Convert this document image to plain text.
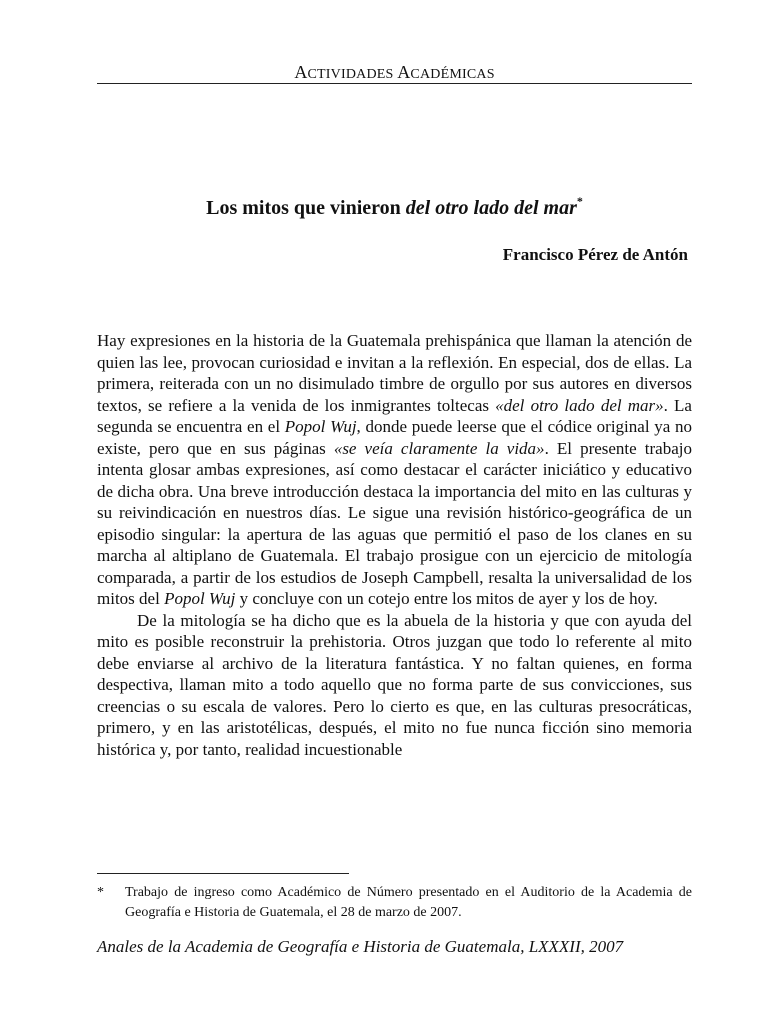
ACTIVIDADES ACADÉMICAS
Los mitos que vinieron del otro lado del mar*
Francisco Pérez de Antón

Hay expresiones en la historia de la Guatemala prehispánica que llaman la atención de quien las lee, provocan curiosidad e invitan a la reflexión. En especial, dos de ellas. La primera, reiterada con un no disimulado timbre de orgullo por sus autores en diversos textos, se refiere a la venida de los inmigrantes toltecas «del otro lado del mar». La segunda se encuentra en el Popol Wuj, donde puede leerse que el códice original ya no existe, pero que en sus páginas «se veía claramente la vida». El presente trabajo intenta glosar ambas expresiones, así como destacar el carácter iniciático y educativo de dicha obra. Una breve introducción destaca la importancia del mito en las culturas y su reivindicación en nuestros días. Le sigue una revisión histórico-geográfica de un episodio singular: la apertura de las aguas que permitió el paso de los clanes en su marcha al altiplano de Guatemala. El trabajo prosigue con un ejercicio de mitología comparada, a partir de los estudios de Joseph Campbell, resalta la universalidad de los mitos del Popol Wuj y concluye con un cotejo entre los mitos de ayer y los de hoy.

De la mitología se ha dicho que es la abuela de la historia y que con ayuda del mito es posible reconstruir la prehistoria. Otros juzgan que todo lo referente al mito debe enviarse al archivo de la literatura fantástica. Y no faltan quienes, en forma despectiva, llaman mito a todo aquello que no forma parte de sus convicciones, sus creencias o su escala de valores. Pero lo cierto es que, en las culturas presocráticas, primero, y en las aristotélicas, después, el mito no fue nunca ficción sino memoria histórica y, por tanto, realidad incuestionable

* Trabajo de ingreso como Académico de Número presentado en el Auditorio de la Academia de Geografía e Historia de Guatemala, el 28 de marzo de 2007.
Anales de la Academia de Geografía e Historia de Guatemala, LXXXII, 2007
